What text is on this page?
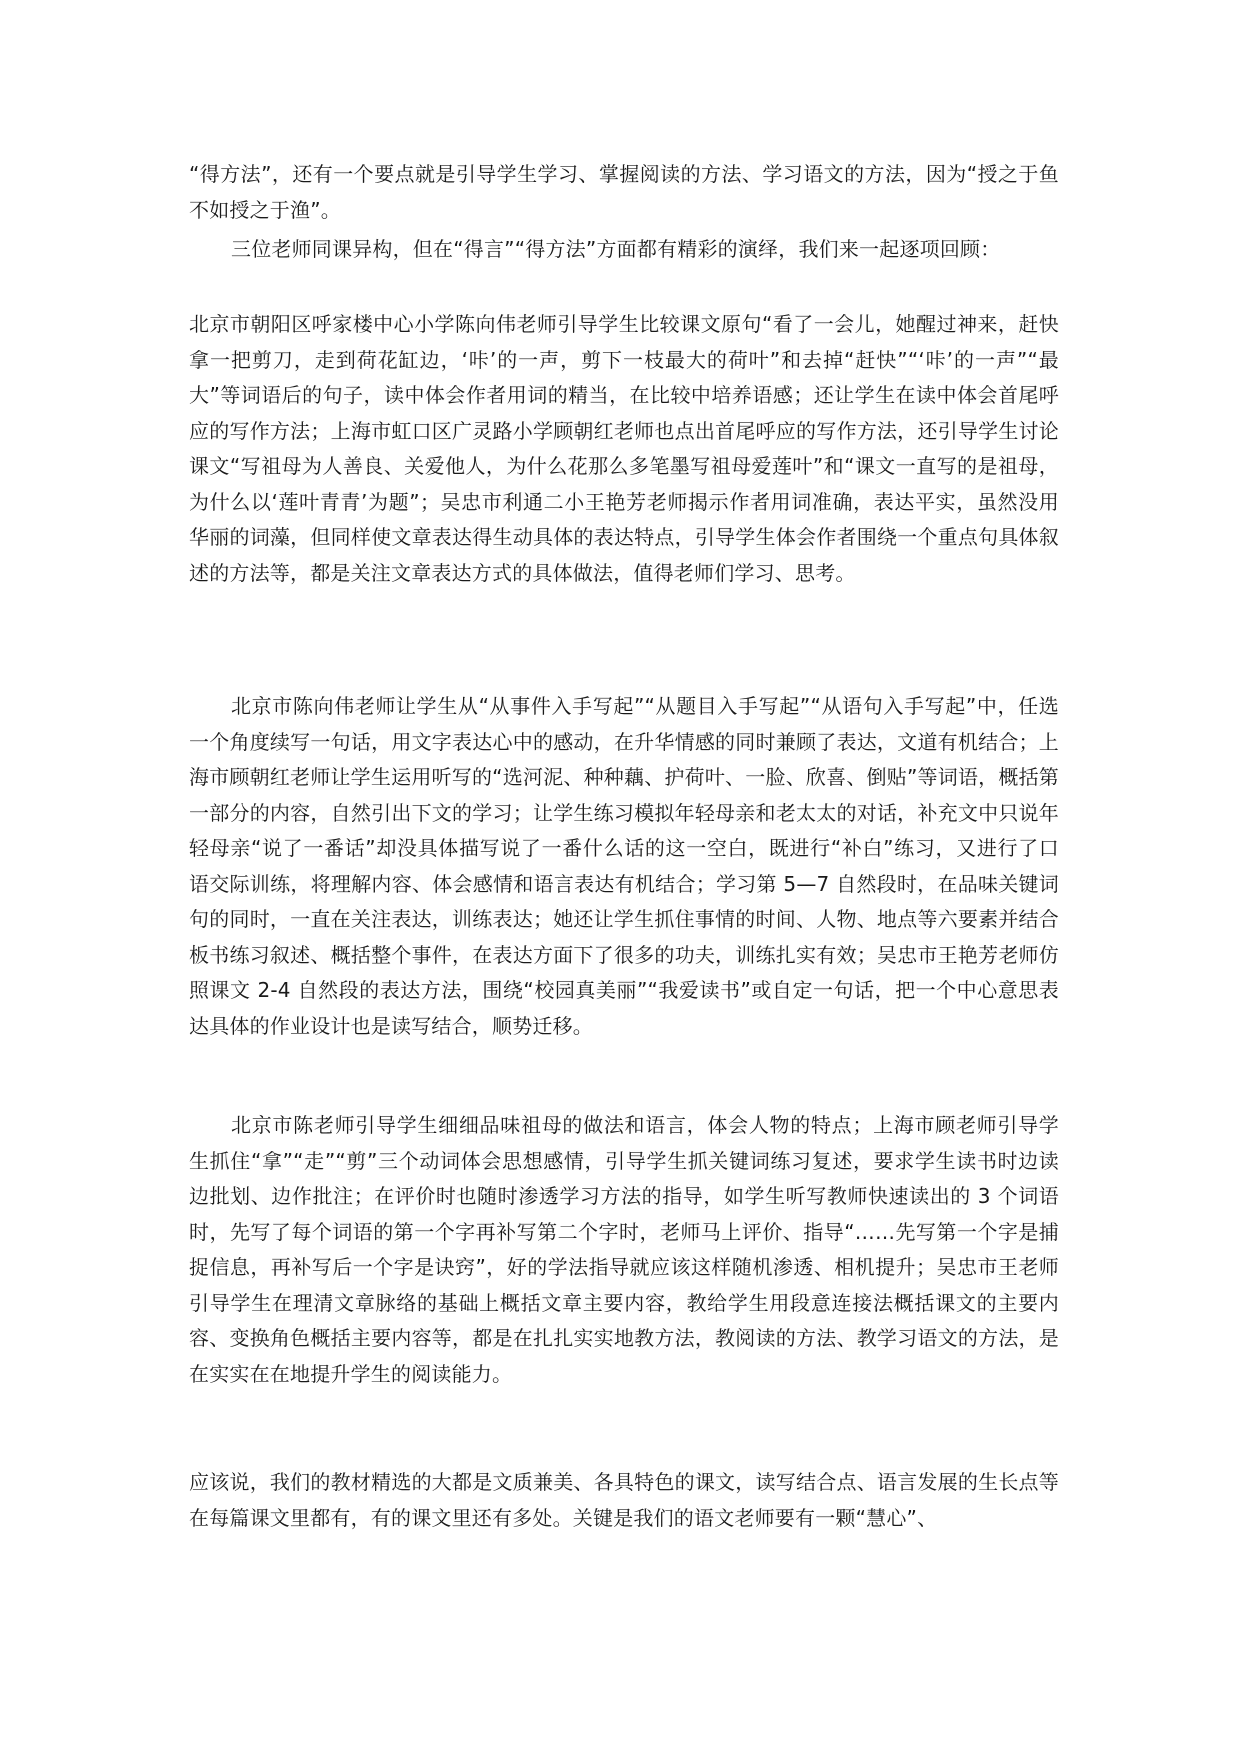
“得方法”，还有一个要点就是引导学生学习、掌握阅读的方法、学习语文的方法，因为“授之于鱼不如授之于渔”。

三位老师同课异构，但在“得言”“得方法”方面都有精彩的演绎，我们来一起逐项回顾：

北京市朝阳区呼家楼中心小学陈向伟老师引导学生比较课文原句“看了一会儿，她醒过神来，赶快拿一把剪刀，走到荷花缸边，‘咔’的一声，剪下一枝最大的荷叶”和去掉“赶快”“‘咔’的一声”“最大”等词语后的句子，读中体会作者用词的精当，在比较中培养语感；还让学生在读中体会首尾呼应的写作方法；上海市虹口区广灵路小学顾朝红老师也点出首尾呼应的写作方法，还引导学生讨论课文“写祖母为人善良、关爱他人，为什么花那么多笔墨写祖母爱莲叶”和“课文一直写的是祖母，为什么以‘莲叶青青’为题”；吴忠市利通二小王艳芳老师揭示作者用词准确，表达平实，虽然没用华丽的词藻，但同样使文章表达得生动具体的表达特点，引导学生体会作者围绕一个重点句具体叙述的方法等，都是关注文章表达方式的具体做法，值得老师们学习、思考。

北京市陈向伟老师让学生从“从事件入手写起”“从题目入手写起”“从语句入手写起”中，任选一个角度续写一句话，用文字表达心中的感动，在升华情感的同时兼顾了表达，文道有机结合；上海市顾朝红老师让学生运用听写的“选河泥、种种藕、护荷叶、一脸、欣喜、倒贴”等词语，概括第一部分的内容，自然引出下文的学习；让学生练习模拟年轻母亲和老太太的对话，补充文中只说年轻母亲“说了一番话”却没具体描写说了一番什么话的这一空白，既进行“补白”练习，又进行了口语交际训练，将理解内容、体会感情和语言表达有机结合；学习第 5—7 自然段时，在品味关键词句的同时，一直在关注表达，训练表达；她还让学生抓住事情的时间、人物、地点等六要素并结合板书练习叙述、概括整个事件，在表达方面下了很多的功夫，训练扎实有效；吴忠市王艳芳老师仿照课文 2-4 自然段的表达方法，围绕“校园真美丽”“我爱读书”或自定一句话，把一个中心意思表达具体的作业设计也是读写结合，顺势迁移。

北京市陈老师引导学生细细品味祖母的做法和语言，体会人物的特点；上海市顾老师引导学生抓住“拿”“走”“剪”三个动词体会思想感情，引导学生抓关键词练习复述，要求学生读书时边读边批划、边作批注；在评价时也随时渗透学习方法的指导，如学生听写教师快速读出的 3 个词语时，先写了每个词语的第一个字再补写第二个字时，老师马上评价、指导“……先写第一个字是捕捉信息，再补写后一个字是诀窍”，好的学法指导就应该这样随机渗透、相机提升；吴忠市王老师引导学生在理清文章脉络的基础上概括文章主要内容，教给学生用段意连接法概括课文的主要内容、变换角色概括主要内容等，都是在扎扎实实地教方法，教阅读的方法、教学习语文的方法，是在实实在在地提升学生的阅读能力。

应该说，我们的教材精选的大都是文质兼美、各具特色的课文，读写结合点、语言发展的生长点等在每篇课文里都有，有的课文里还有多处。关键是我们的语文老师要有一颗“慧心”、
